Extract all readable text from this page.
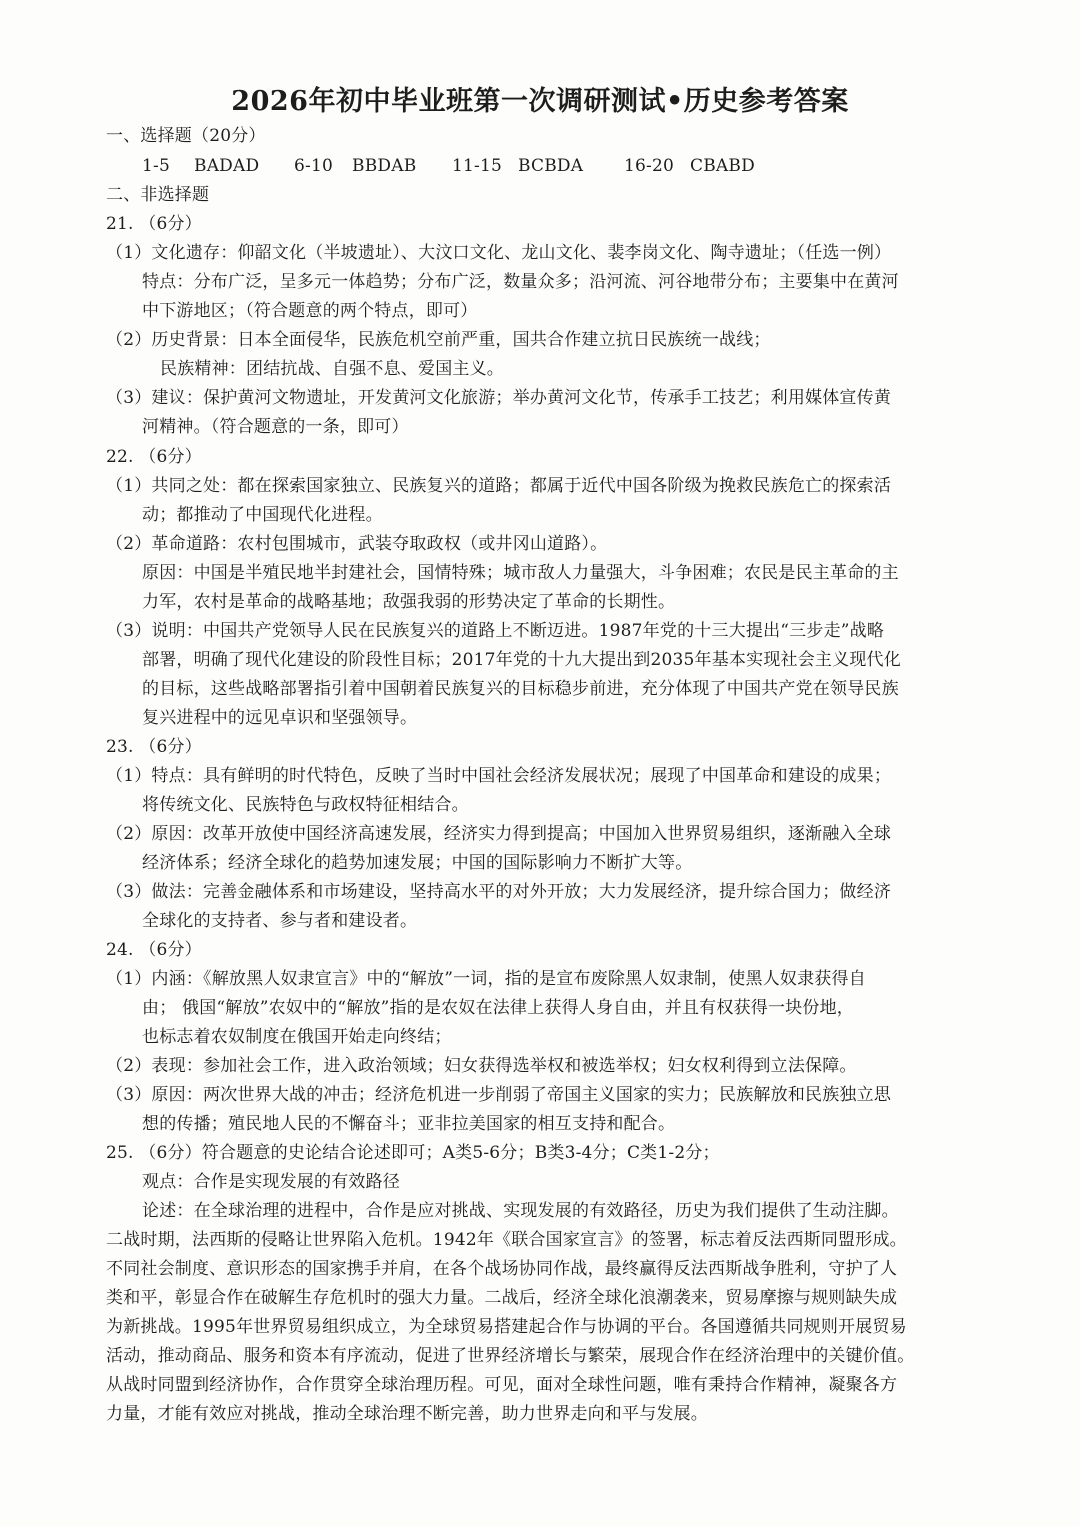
2026年初中毕业班第一次调研测试•历史参考答案
一、选择题（20分）
1-5 BADAD 6-10 BBDAB 11-15 BCBDA 16-20 CBABD
二、非选择题
21. （6分）
（1）文化遗存：仰韶文化（半坡遗址）、大汶口文化、龙山文化、裴李岗文化、陶寺遗址；（任选一例）
特点：分布广泛，呈多元一体趋势；分布广泛，数量众多；沿河流、河谷地带分布；主要集中在黄河
中下游地区；（符合题意的两个特点，即可）
（2）历史背景：日本全面侵华，民族危机空前严重，国共合作建立抗日民族统一战线；
民族精神：团结抗战、自强不息、爱国主义。
（3）建议：保护黄河文物遗址，开发黄河文化旅游；举办黄河文化节，传承手工技艺；利用媒体宣传黄
河精神。（符合题意的一条，即可）
22. （6分）
（1）共同之处：都在探索国家独立、民族复兴的道路；都属于近代中国各阶级为挽救民族危亡的探索活
动；都推动了中国现代化进程。
（2）革命道路：农村包围城市，武装夺取政权（或井冈山道路）。
原因：中国是半殖民地半封建社会，国情特殊；城市敌人力量强大，斗争困难；农民是民主革命的主
力军，农村是革命的战略基地；敌强我弱的形势决定了革命的长期性。
（3）说明：中国共产党领导人民在民族复兴的道路上不断迈进。1987年党的十三大提出“三步走”战略
部署，明确了现代化建设的阶段性目标；2017年党的十九大提出到2035年基本实现社会主义现代化
的目标，这些战略部署指引着中国朝着民族复兴的目标稳步前进，充分体现了中国共产党在领导民族
复兴进程中的远见卓识和坚强领导。
23. （6分）
（1）特点：具有鲜明的时代特色，反映了当时中国社会经济发展状况；展现了中国革命和建设的成果；
将传统文化、民族特色与政权特征相结合。
（2）原因：改革开放使中国经济高速发展，经济实力得到提高；中国加入世界贸易组织，逐渐融入全球
经济体系；经济全球化的趋势加速发展；中国的国际影响力不断扩大等。
（3）做法：完善金融体系和市场建设，坚持高水平的对外开放；大力发展经济，提升综合国力；做经济
全球化的支持者、参与者和建设者。
24. （6分）
（1）内涵：《解放黑人奴隶宣言》中的“解放”一词，指的是宣布废除黑人奴隶制，使黑人奴隶获得自
由； 俄国“解放”农奴中的“解放”指的是农奴在法律上获得人身自由，并且有权获得一块份地，
也标志着农奴制度在俄国开始走向终结；
（2）表现：参加社会工作，进入政治领域；妇女获得选举权和被选举权；妇女权利得到立法保障。
（3）原因：两次世界大战的冲击；经济危机进一步削弱了帝国主义国家的实力；民族解放和民族独立思
想的传播；殖民地人民的不懈奋斗；亚非拉美国家的相互支持和配合。
25. （6分）符合题意的史论结合论述即可；A类5-6分；B类3-4分；C类1-2分；
观点：合作是实现发展的有效路径
论述：在全球治理的进程中，合作是应对挑战、实现发展的有效路径，历史为我们提供了生动注脚。
二战时期，法西斯的侵略让世界陷入危机。1942年《联合国家宣言》的签署，标志着反法西斯同盟形成。
不同社会制度、意识形态的国家携手并肩，在各个战场协同作战，最终赢得反法西斯战争胜利，守护了人
类和平，彰显合作在破解生存危机时的强大力量。二战后，经济全球化浪潮袭来，贸易摩擦与规则缺失成
为新挑战。1995年世界贸易组织成立，为全球贸易搭建起合作与协调的平台。各国遵循共同规则开展贸易
活动，推动商品、服务和资本有序流动，促进了世界经济增长与繁荣，展现合作在经济治理中的关键价值。
从战时同盟到经济协作，合作贯穿全球治理历程。可见，面对全球性问题，唯有秉持合作精神，凝聚各方
力量，才能有效应对挑战，推动全球治理不断完善，助力世界走向和平与发展。
